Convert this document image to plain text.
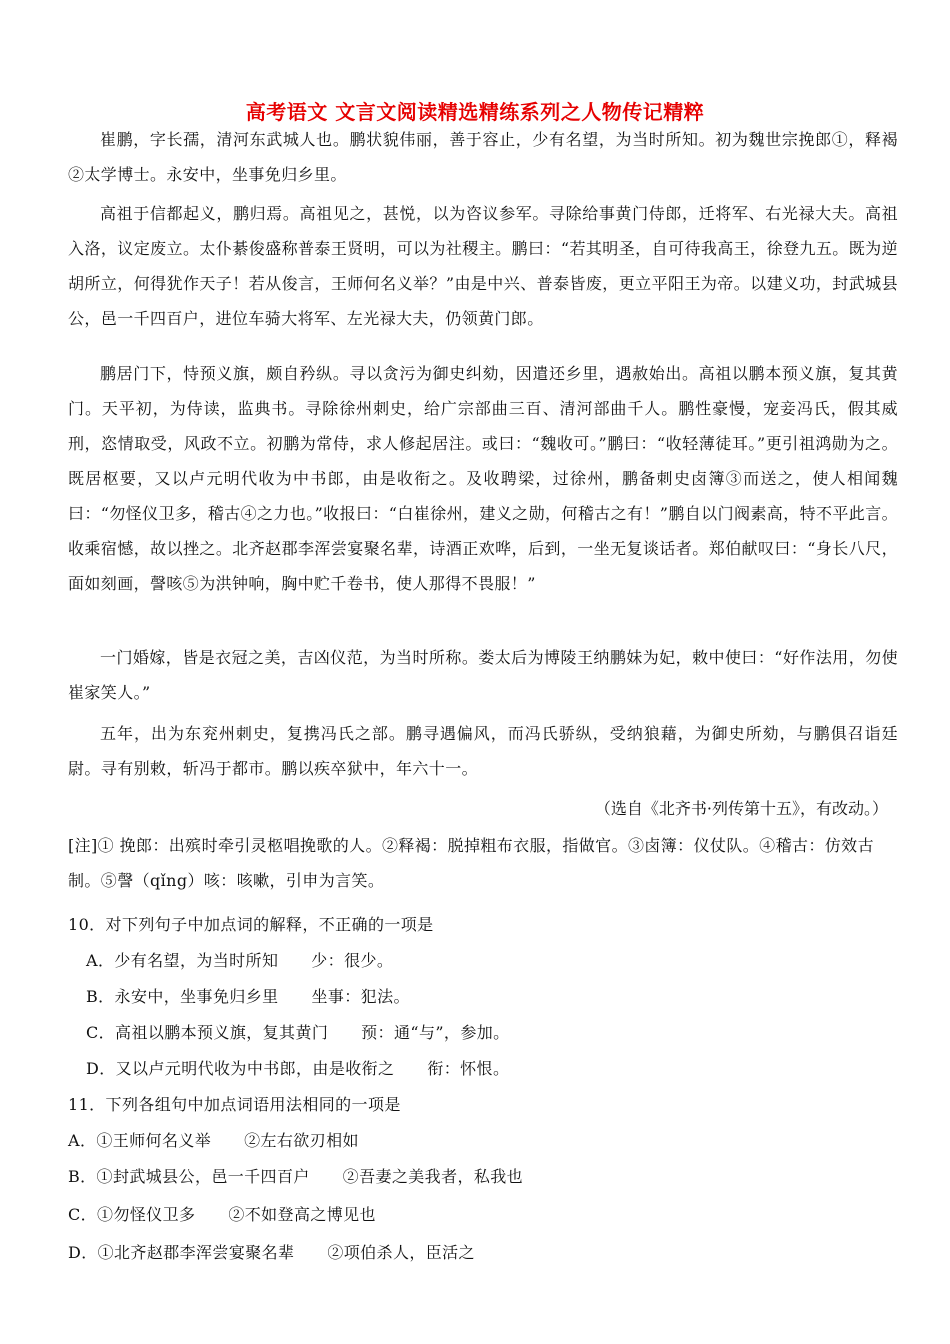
高考语文 文言文阅读精选精练系列之人物传记精粹

崔鹏，字长孺，清河东武城人也。鹏状貌伟丽，善于容止，少有名望，为当时所知。初为魏世宗挽郎①，释褐②太学博士。永安中，坐事免归乡里。

高祖于信都起义，鹏归焉。高祖见之，甚悦，以为咨议参军。寻除给事黄门侍郎，迁将军、右光禄大夫。高祖入洛，议定废立。太仆綦俊盛称普泰王贤明，可以为社稷主。鹏曰：“若其明圣，自可待我高王，徐登九五。既为逆胡所立，何得犹作天子！若从俊言，王师何名义举？”由是中兴、普泰皆废，更立平阳王为帝。以建义功，封武城县公，邑一千四百户，进位车骑大将军、左光禄大夫，仍领黄门郎。

鹏居门下，恃预义旗，颇自矜纵。寻以贪污为御史纠劾，因遣还乡里，遇赦始出。高祖以鹏本预义旗，复其黄门。天平初，为侍读，监典书。寻除徐州刺史，给广宗部曲三百、清河部曲千人。鹏性豪慢，宠妾冯氏，假其威刑，恣情取受，风政不立。初鹏为常侍，求人修起居注。或曰：“魏收可。”鹏曰：“收轻薄徒耳。”更引祖鸿勋为之。既居枢要，又以卢元明代收为中书郎，由是收衔之。及收聘梁，过徐州，鹏备刺史卤簿③而送之，使人相闻魏曰：“勿怪仪卫多，稽古④之力也。”收报曰：“白崔徐州，建义之勋，何稽古之有！”鹏自以门阀素高，特不平此言。收乘宿憾，故以挫之。北齐赵郡李浑尝宴聚名辈，诗酒正欢哗，后到，一坐无复谈话者。郑伯献叹曰：“身长八尺，面如刻画，謦咳⑤为洪钟响，胸中贮千卷书，使人那得不畏服！”

一门婚嫁，皆是衣冠之美，吉凶仪范，为当时所称。娄太后为博陵王纳鹏妹为妃，敕中使曰：“好作法用，勿使崔家笑人。”

五年，出为东兖州刺史，复携冯氏之部。鹏寻遇偏风，而冯氏骄纵，受纳狼藉，为御史所劾，与鹏俱召诣廷尉。寻有别敕，斩冯于都市。鹏以疾卒狱中，年六十一。

（选自《北齐书·列传第十五》，有改动。）
[注]① 挽郎：出殡时牵引灵柩唱挽歌的人。②释褐：脱掉粗布衣服，指做官。③卤簿：仪仗队。④稽古：仿效古制。⑤謦（qǐng）咳：咳嗽，引申为言笑。
10．对下列句子中加点词的解释，不正确的一项是
A．少有名望，为当时所知      少：很少。
B．永安中，坐事免归乡里      坐事：犯法。
C．高祖以鹏本预义旗，复其黄门      预：通“与”，参加。
D．又以卢元明代收为中书郎，由是收衔之      衔：怀恨。
11．下列各组句中加点词语用法相同的一项是
A．①王师何名义举      ②左右欲刃相如
B．①封武城县公，邑一千四百户      ②吾妻之美我者，私我也
C．①勿怪仪卫多      ②不如登高之博见也
D．①北齐赵郡李浑尝宴聚名辈      ②项伯杀人，臣活之
